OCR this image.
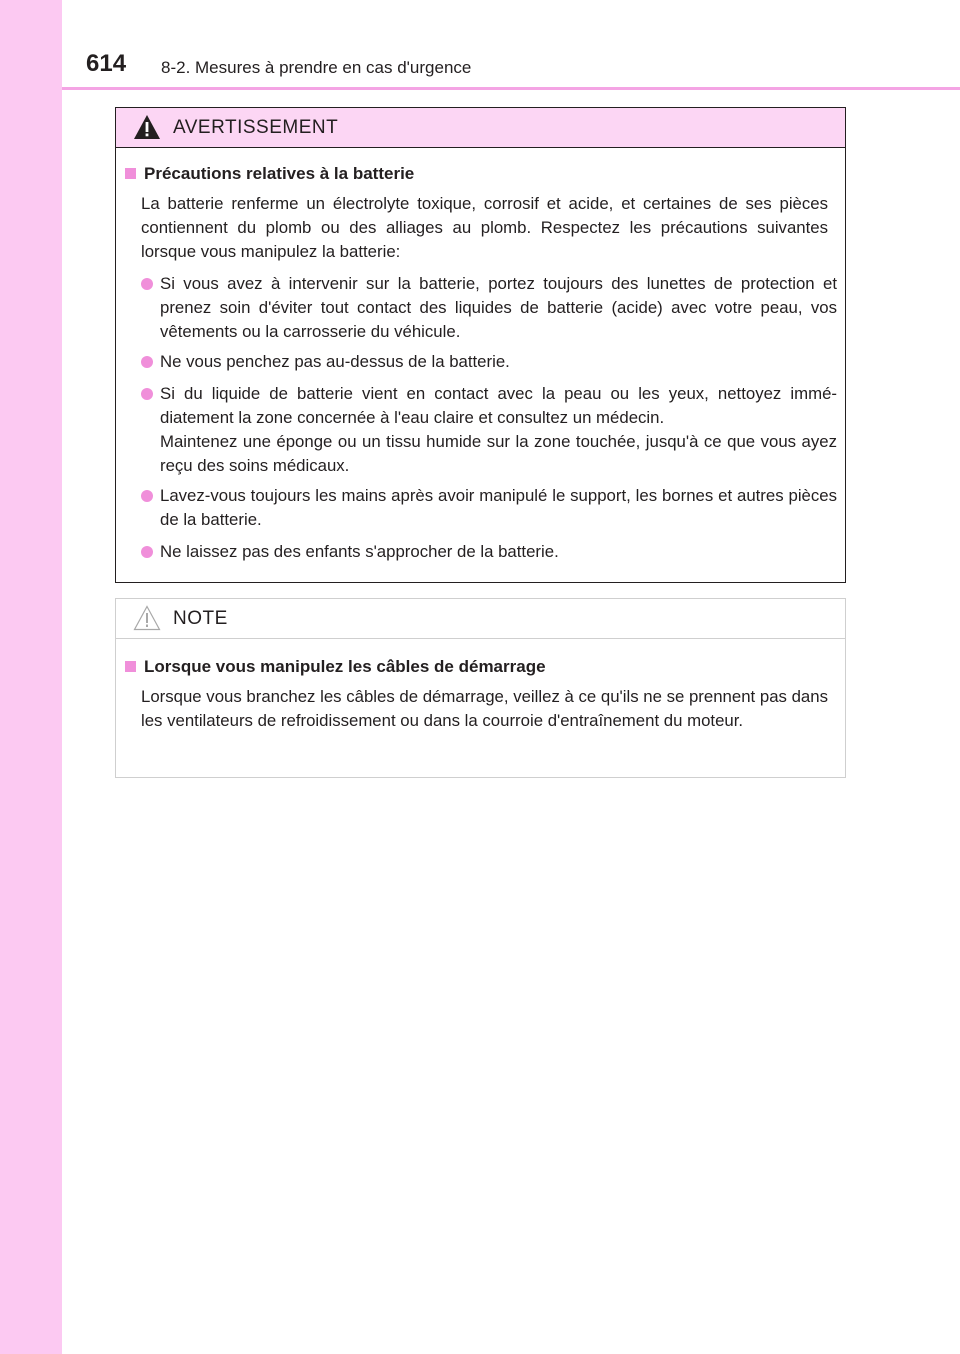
614 8-2. Mesures à prendre en cas d'urgence
AVERTISSEMENT
Précautions relatives à la batterie
La batterie renferme un électrolyte toxique, corrosif et acide, et certaines de ses pièces contiennent du plomb ou des alliages au plomb. Respectez les précautions suivantes lorsque vous manipulez la batterie:
Si vous avez à intervenir sur la batterie, portez toujours des lunettes de protection et prenez soin d'éviter tout contact des liquides de batterie (acide) avec votre peau, vos vêtements ou la carrosserie du véhicule.
Ne vous penchez pas au-dessus de la batterie.
Si du liquide de batterie vient en contact avec la peau ou les yeux, nettoyez immé-diatement la zone concernée à l'eau claire et consultez un médecin.
Maintenez une éponge ou un tissu humide sur la zone touchée, jusqu'à ce que vous ayez reçu des soins médicaux.
Lavez-vous toujours les mains après avoir manipulé le support, les bornes et autres pièces de la batterie.
Ne laissez pas des enfants s'approcher de la batterie.
NOTE
Lorsque vous manipulez les câbles de démarrage
Lorsque vous branchez les câbles de démarrage, veillez à ce qu'ils ne se prennent pas dans les ventilateurs de refroidissement ou dans la courroie d'entraînement du moteur.
